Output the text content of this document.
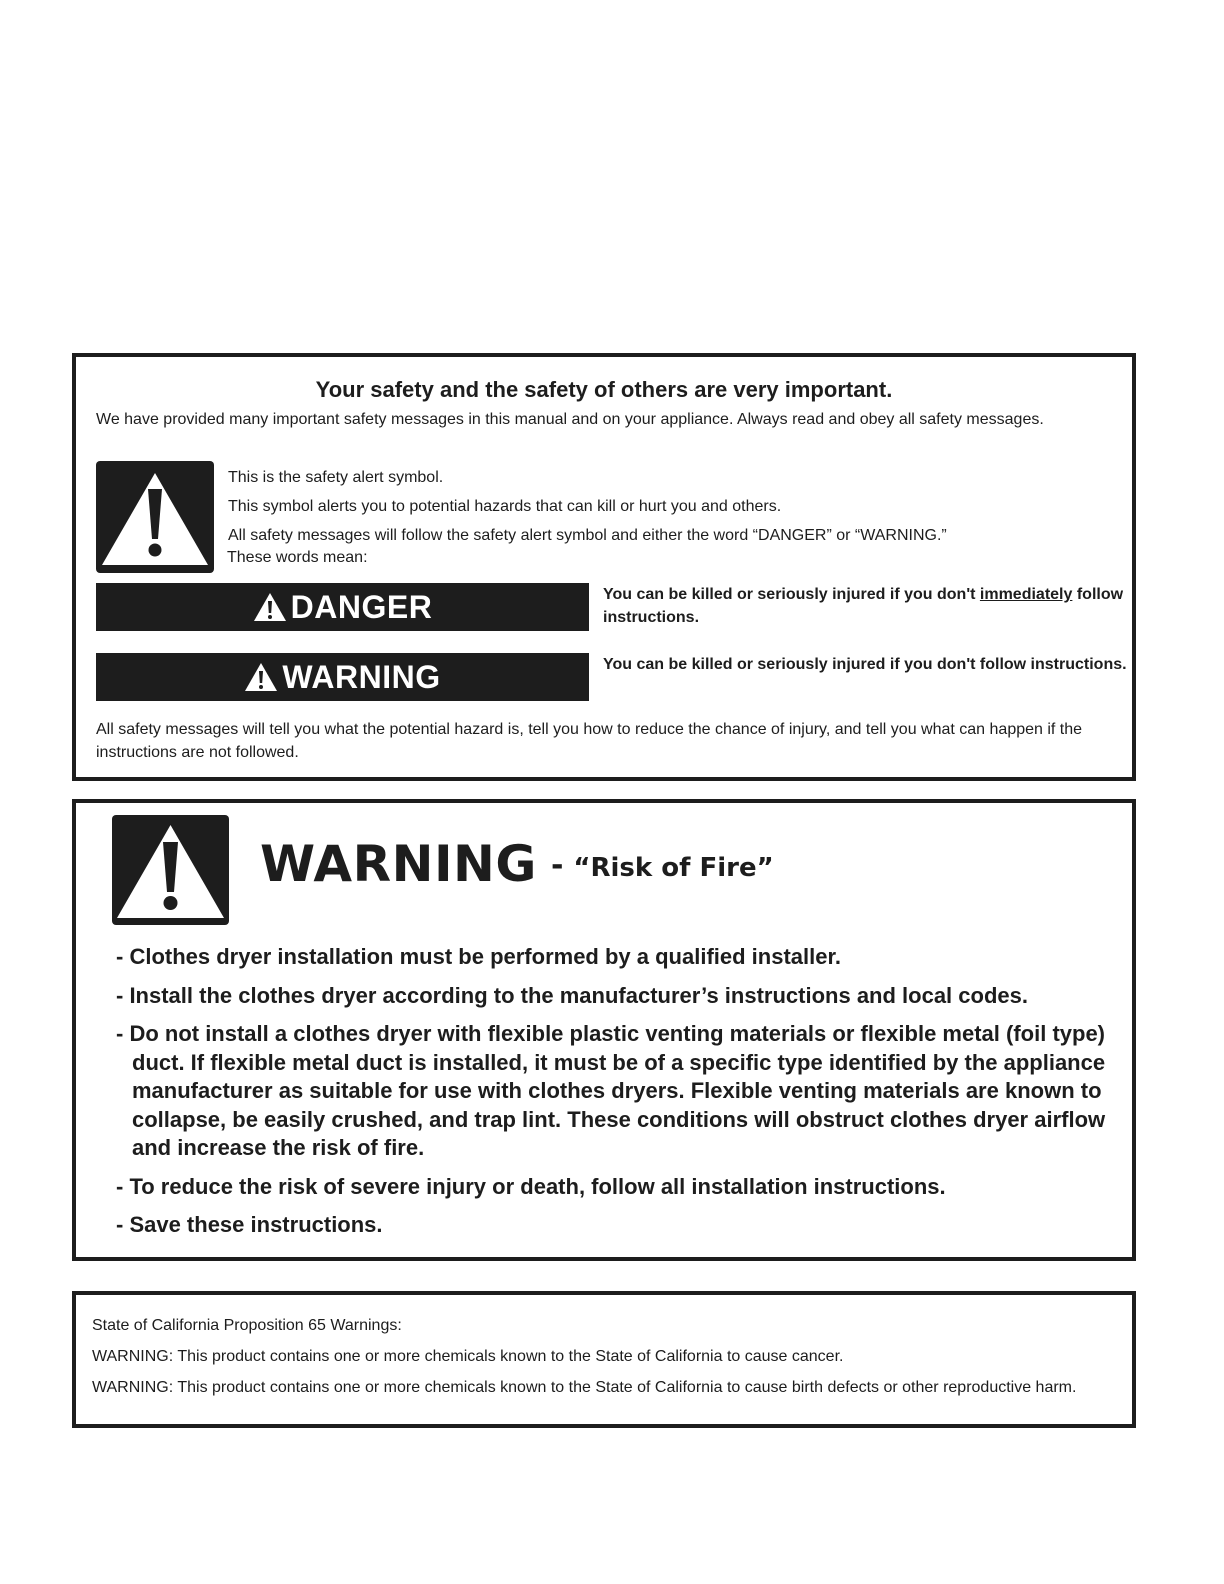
Your safety and the safety of others are very important.

We have provided many important safety messages in this manual and on your appliance. Always read and obey all safety messages.

This is the safety alert symbol.

This symbol alerts you to potential hazards that can kill or hurt you and others.

All safety messages will follow the safety alert symbol and either the word “DANGER” or “WARNING.”

These words mean:

DANGER	You can be killed or seriously injured if you don't immediately follow instructions.

WARNING	You can be killed or seriously injured if you don't follow instructions.

All safety messages will tell you what the potential hazard is, tell you how to reduce the chance of injury, and tell you what can happen if the instructions are not followed.

WARNING - “Risk of Fire”
- Clothes dryer installation must be performed by a qualified installer.
- Install the clothes dryer according to the manufacturer’s instructions and local codes.
- Do not install a clothes dryer with flexible plastic venting materials or flexible metal (foil type) duct. If flexible metal duct is installed, it must be of a specific type identified by the appliance manufacturer as suitable for use with clothes dryers. Flexible venting materials are known to collapse, be easily crushed, and trap lint. These conditions will obstruct clothes dryer airflow and increase the risk of fire.
- To reduce the risk of severe injury or death, follow all installation instructions.
- Save these instructions.

State of California Proposition 65 Warnings:

WARNING: This product contains one or more chemicals known to the State of California to cause cancer.

WARNING: This product contains one or more chemicals known to the State of California to cause birth defects or other reproductive harm.
